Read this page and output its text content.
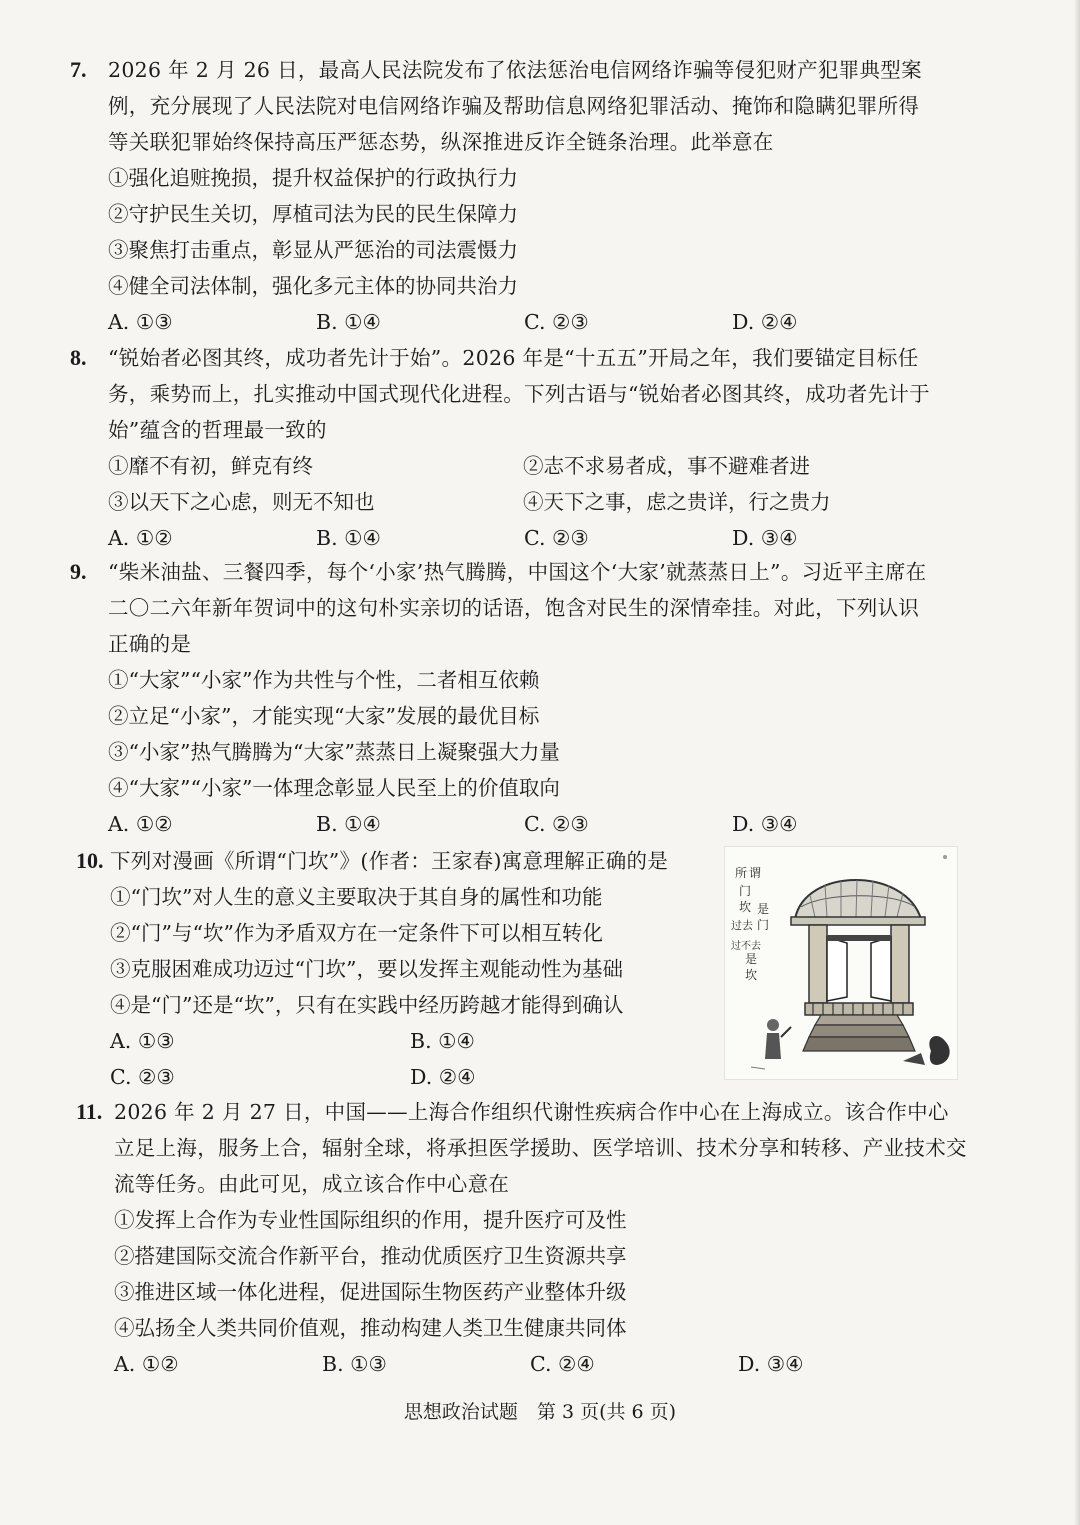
7. 2026 年 2 月 26 日，最高人民法院发布了依法惩治电信网络诈骗等侵犯财产犯罪典型案
例，充分展现了人民法院对电信网络诈骗及帮助信息网络犯罪活动、掩饰和隐瞒犯罪所得
等关联犯罪始终保持高压严惩态势，纵深推进反诈全链条治理。此举意在
①强化追赃挽损，提升权益保护的行政执行力
②守护民生关切，厚植司法为民的民生保障力
③聚焦打击重点，彰显从严惩治的司法震慑力
④健全司法体制，强化多元主体的协同共治力
A. ①③	B. ①④	C. ②③	D. ②④
8. “锐始者必图其终，成功者先计于始”。2026 年是“十五五”开局之年，我们要锚定目标任
务，乘势而上，扎实推动中国式现代化进程。下列古语与“锐始者必图其终，成功者先计于
始”蕴含的哲理最一致的
①靡不有初，鲜克有终	②志不求易者成，事不避难者进
③以天下之心虑，则无不知也	④天下之事，虑之贵详，行之贵力
A. ①②	B. ①④	C. ②③	D. ③④
9. “柴米油盐、三餐四季，每个‘小家’热气腾腾，中国这个‘大家’就蒸蒸日上”。习近平主席在
二〇二六年新年贺词中的这句朴实亲切的话语，饱含对民生的深情牵挂。对此，下列认识
正确的是
①“大家”“小家”作为共性与个性，二者相互依赖
②立足“小家”，才能实现“大家”发展的最优目标
③“小家”热气腾腾为“大家”蒸蒸日上凝聚强大力量
④“大家”“小家”一体理念彰显人民至上的价值取向
A. ①②	B. ①④	C. ②③	D. ③④
10. 下列对漫画《所谓“门坎”》(作者：王家春)寓意理解正确的是
①“门坎”对人生的意义主要取决于其自身的属性和功能
②“门”与“坎”作为矛盾双方在一定条件下可以相互转化
③克服困难成功迈过“门坎”，要以发挥主观能动性为基础
④是“门”还是“坎”，只有在实践中经历跨越才能得到确认
A. ①③	B. ①④
C. ②③	D. ②④
所 谓
门
坎
过去
是
门
过不去
是
坎
11. 2026 年 2 月 27 日，中国——上海合作组织代谢性疾病合作中心在上海成立。该合作中心
立足上海，服务上合，辐射全球，将承担医学援助、医学培训、技术分享和转移、产业技术交
流等任务。由此可见，成立该合作中心意在
①发挥上合作为专业性国际组织的作用，提升医疗可及性
②搭建国际交流合作新平台，推动优质医疗卫生资源共享
③推进区域一体化进程，促进国际生物医药产业整体升级
④弘扬全人类共同价值观，推动构建人类卫生健康共同体
A. ①②	B. ①③	C. ②④	D. ③④
思想政治试题　第 3 页(共 6 页)
